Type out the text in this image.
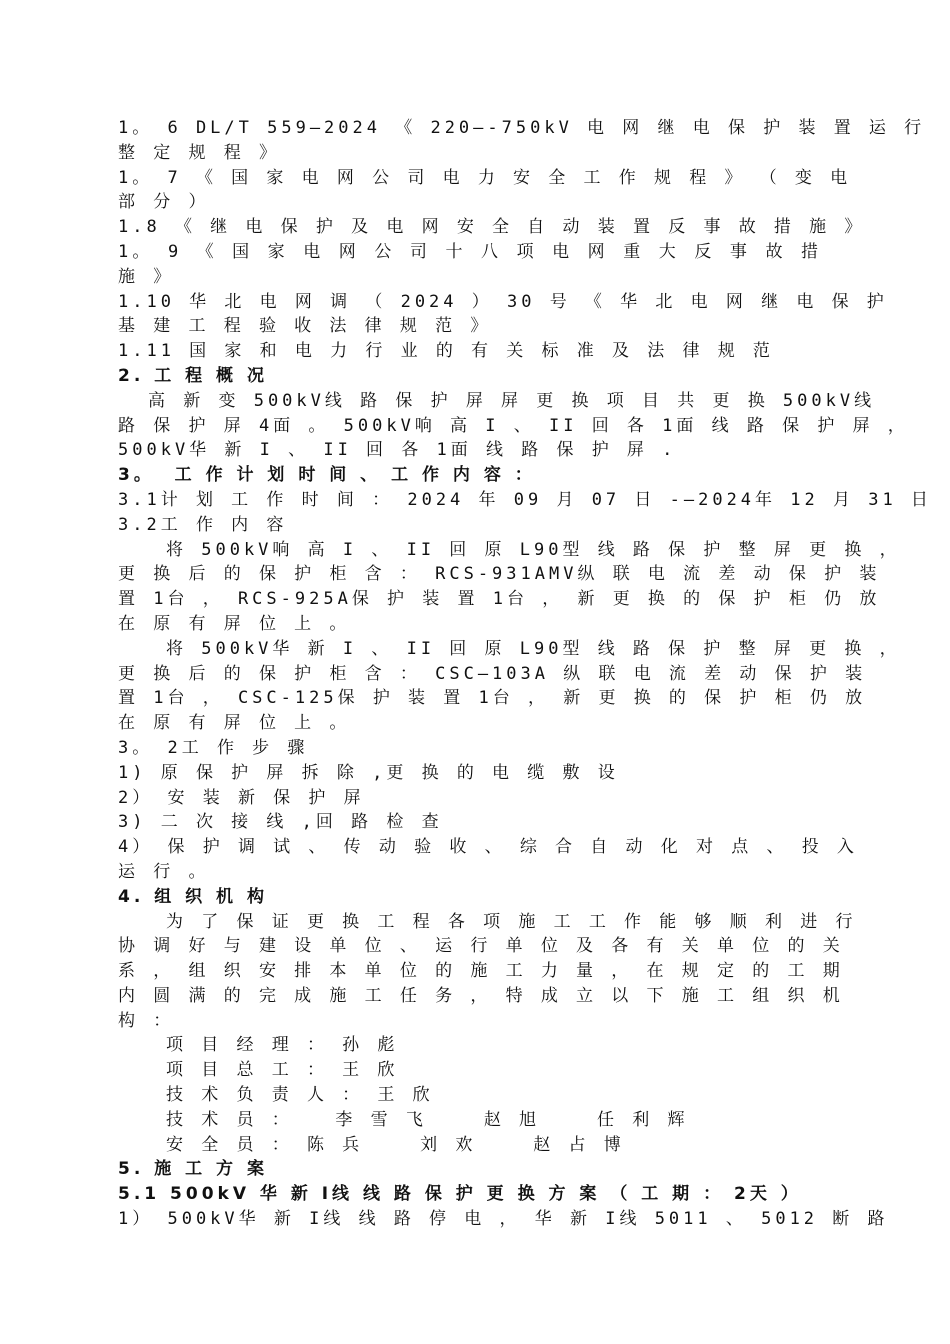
1。 6 DL/T 559—2024 《 220—-750kV 电 网 继 电 保 护 装 置 运 行
整 定 规 程 》
1。 7 《 国 家 电 网 公 司 电 力 安 全 工 作 规 程 》 （ 变 电
部 分 ）
1.8 《 继 电 保 护 及 电 网 安 全 自 动 装 置 反 事 故 措 施 》
1。 9 《 国 家 电 网 公 司 十 八 项 电 网 重 大 反 事 故 措
施 》
1.10 华 北 电 网 调 （ 2024 ） 30 号 《 华 北 电 网 继 电 保 护
基 建 工 程 验 收 法 律 规 范 》
1.11 国 家 和 电 力 行 业 的 有 关 标 准 及 法 律 规 范
2. 工 程 概 况
高 新 变 500kV线 路 保 护 屏 屏 更 换 项 目 共 更 换 500kV线
路 保 护 屏 4面 。 500kV响 高 I 、 II 回 各 1面 线 路 保 护 屏 ，
500kV华 新 I 、 II 回 各 1面 线 路 保 护 屏 .
3。  工 作 计 划 时 间 、 工 作 内 容 ：
3.1计 划 工 作 时 间 ： 2024 年 09 月 07 日 -—2024年 12 月 31 日
3.2工 作 内 容
将 500kV响 高 I 、 II 回 原 L90型 线 路 保 护 整 屏 更 换 ，
更 换 后 的 保 护 柜 含 ： RCS-931AMV纵 联 电 流 差 动 保 护 装
置 1台 ， RCS-925A保 护 装 置 1台 ， 新 更 换 的 保 护 柜 仍 放
在 原 有 屏 位 上 。
将 500kV华 新 I 、 II 回 原 L90型 线 路 保 护 整 屏 更 换 ，
更 换 后 的 保 护 柜 含 ： CSC—103A 纵 联 电 流 差 动 保 护 装
置 1台 ， CSC-125保 护 装 置 1台 ， 新 更 换 的 保 护 柜 仍 放
在 原 有 屏 位 上 。
3。 2工 作 步 骤
1) 原 保 护 屏 拆 除 ,更 换 的 电 缆 敷 设
2） 安 装 新 保 护 屏
3) 二 次 接 线 ,回 路 检 查
4） 保 护 调 试 、 传 动 验 收 、 综 合 自 动 化 对 点 、 投 入
运 行 。
4. 组 织 机 构
为 了 保 证 更 换 工 程 各 项 施 工 工 作 能 够 顺 利 进 行
协 调 好 与 建 设 单 位 、 运 行 单 位 及 各 有 关 单 位 的 关
系 ， 组 织 安 排 本 单 位 的 施 工 力 量 ， 在 规 定 的 工 期
内 圆 满 的 完 成 施 工 任 务 ， 特 成 立 以 下 施 工 组 织 机
构 ：
项 目 经 理 ： 孙 彪
项 目 总 工 ： 王 欣
技 术 负 责 人 ： 王 欣
技 术 员 ：   李 雪 飞    赵 旭    任 利 辉
安 全 员 ： 陈 兵    刘 欢    赵 占 博
5. 施 工 方 案
5.1 500kV 华 新 I线 线 路 保 护 更 换 方 案 （ 工 期 ： 2天 ）
1） 500kV华 新 I线 线 路 停 电 ， 华 新 I线 5011 、 5012 断 路
